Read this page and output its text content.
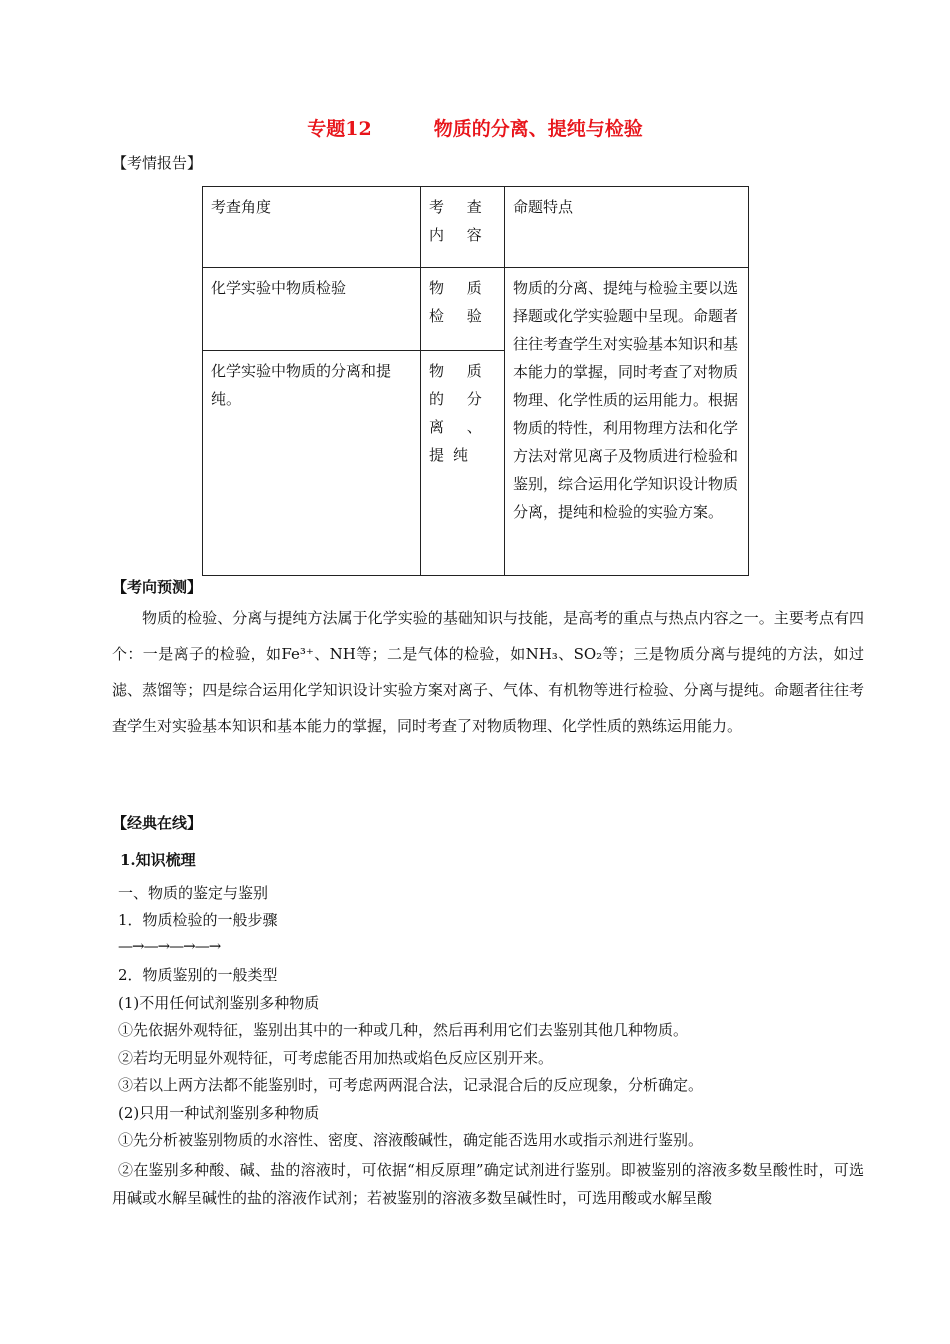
专题12	物质的分离、提纯与检验
【考情报告】
考查角度	考 查 内 容	命题特点
化学实验中物质检验	物 质 检 验	物质的分离、提纯与检验主要以选择题或化学实验题中呈现。命题者往往考查学生对实验基本知识和基本能力的掌握，同时考查了对物质物理、化学性质的运用能力。根据物质的特性，利用物理方法和化学方法对常见离子及物质进行检验和鉴别，综合运用化学知识设计物质分离，提纯和检验的实验方案。
化学实验中物质的分离和提纯。	物 质 的 分 离 、 提纯	
【考向预测】
物质的检验、分离与提纯方法属于化学实验的基础知识与技能，是高考的重点与热点内容之一。主要考点有四个：一是离子的检验，如Fe³⁺、NH等；二是气体的检验，如NH₃、SO₂等；三是物质分离与提纯的方法，如过滤、蒸馏等；四是综合运用化学知识设计实验方案对离子、气体、有机物等进行检验、分离与提纯。命题者往往考查学生对实验基本知识和基本能力的掌握，同时考查了对物质物理、化学性质的熟练运用能力。
【经典在线】
1.知识梳理
一、物质的鉴定与鉴别
1．物质检验的一般步骤
—→—→—→—→
2．物质鉴别的一般类型
(1)不用任何试剂鉴别多种物质
①先依据外观特征，鉴别出其中的一种或几种，然后再利用它们去鉴别其他几种物质。
②若均无明显外观特征，可考虑能否用加热或焰色反应区别开来。
③若以上两方法都不能鉴别时，可考虑两两混合法，记录混合后的反应现象，分析确定。
(2)只用一种试剂鉴别多种物质
①先分析被鉴别物质的水溶性、密度、溶液酸碱性，确定能否选用水或指示剂进行鉴别。
②在鉴别多种酸、碱、盐的溶液时，可依据“相反原理”确定试剂进行鉴别。即被鉴别的溶液多数呈酸性时，可选用碱或水解呈碱性的盐的溶液作试剂；若被鉴别的溶液多数呈碱性时，可选用酸或水解呈酸
